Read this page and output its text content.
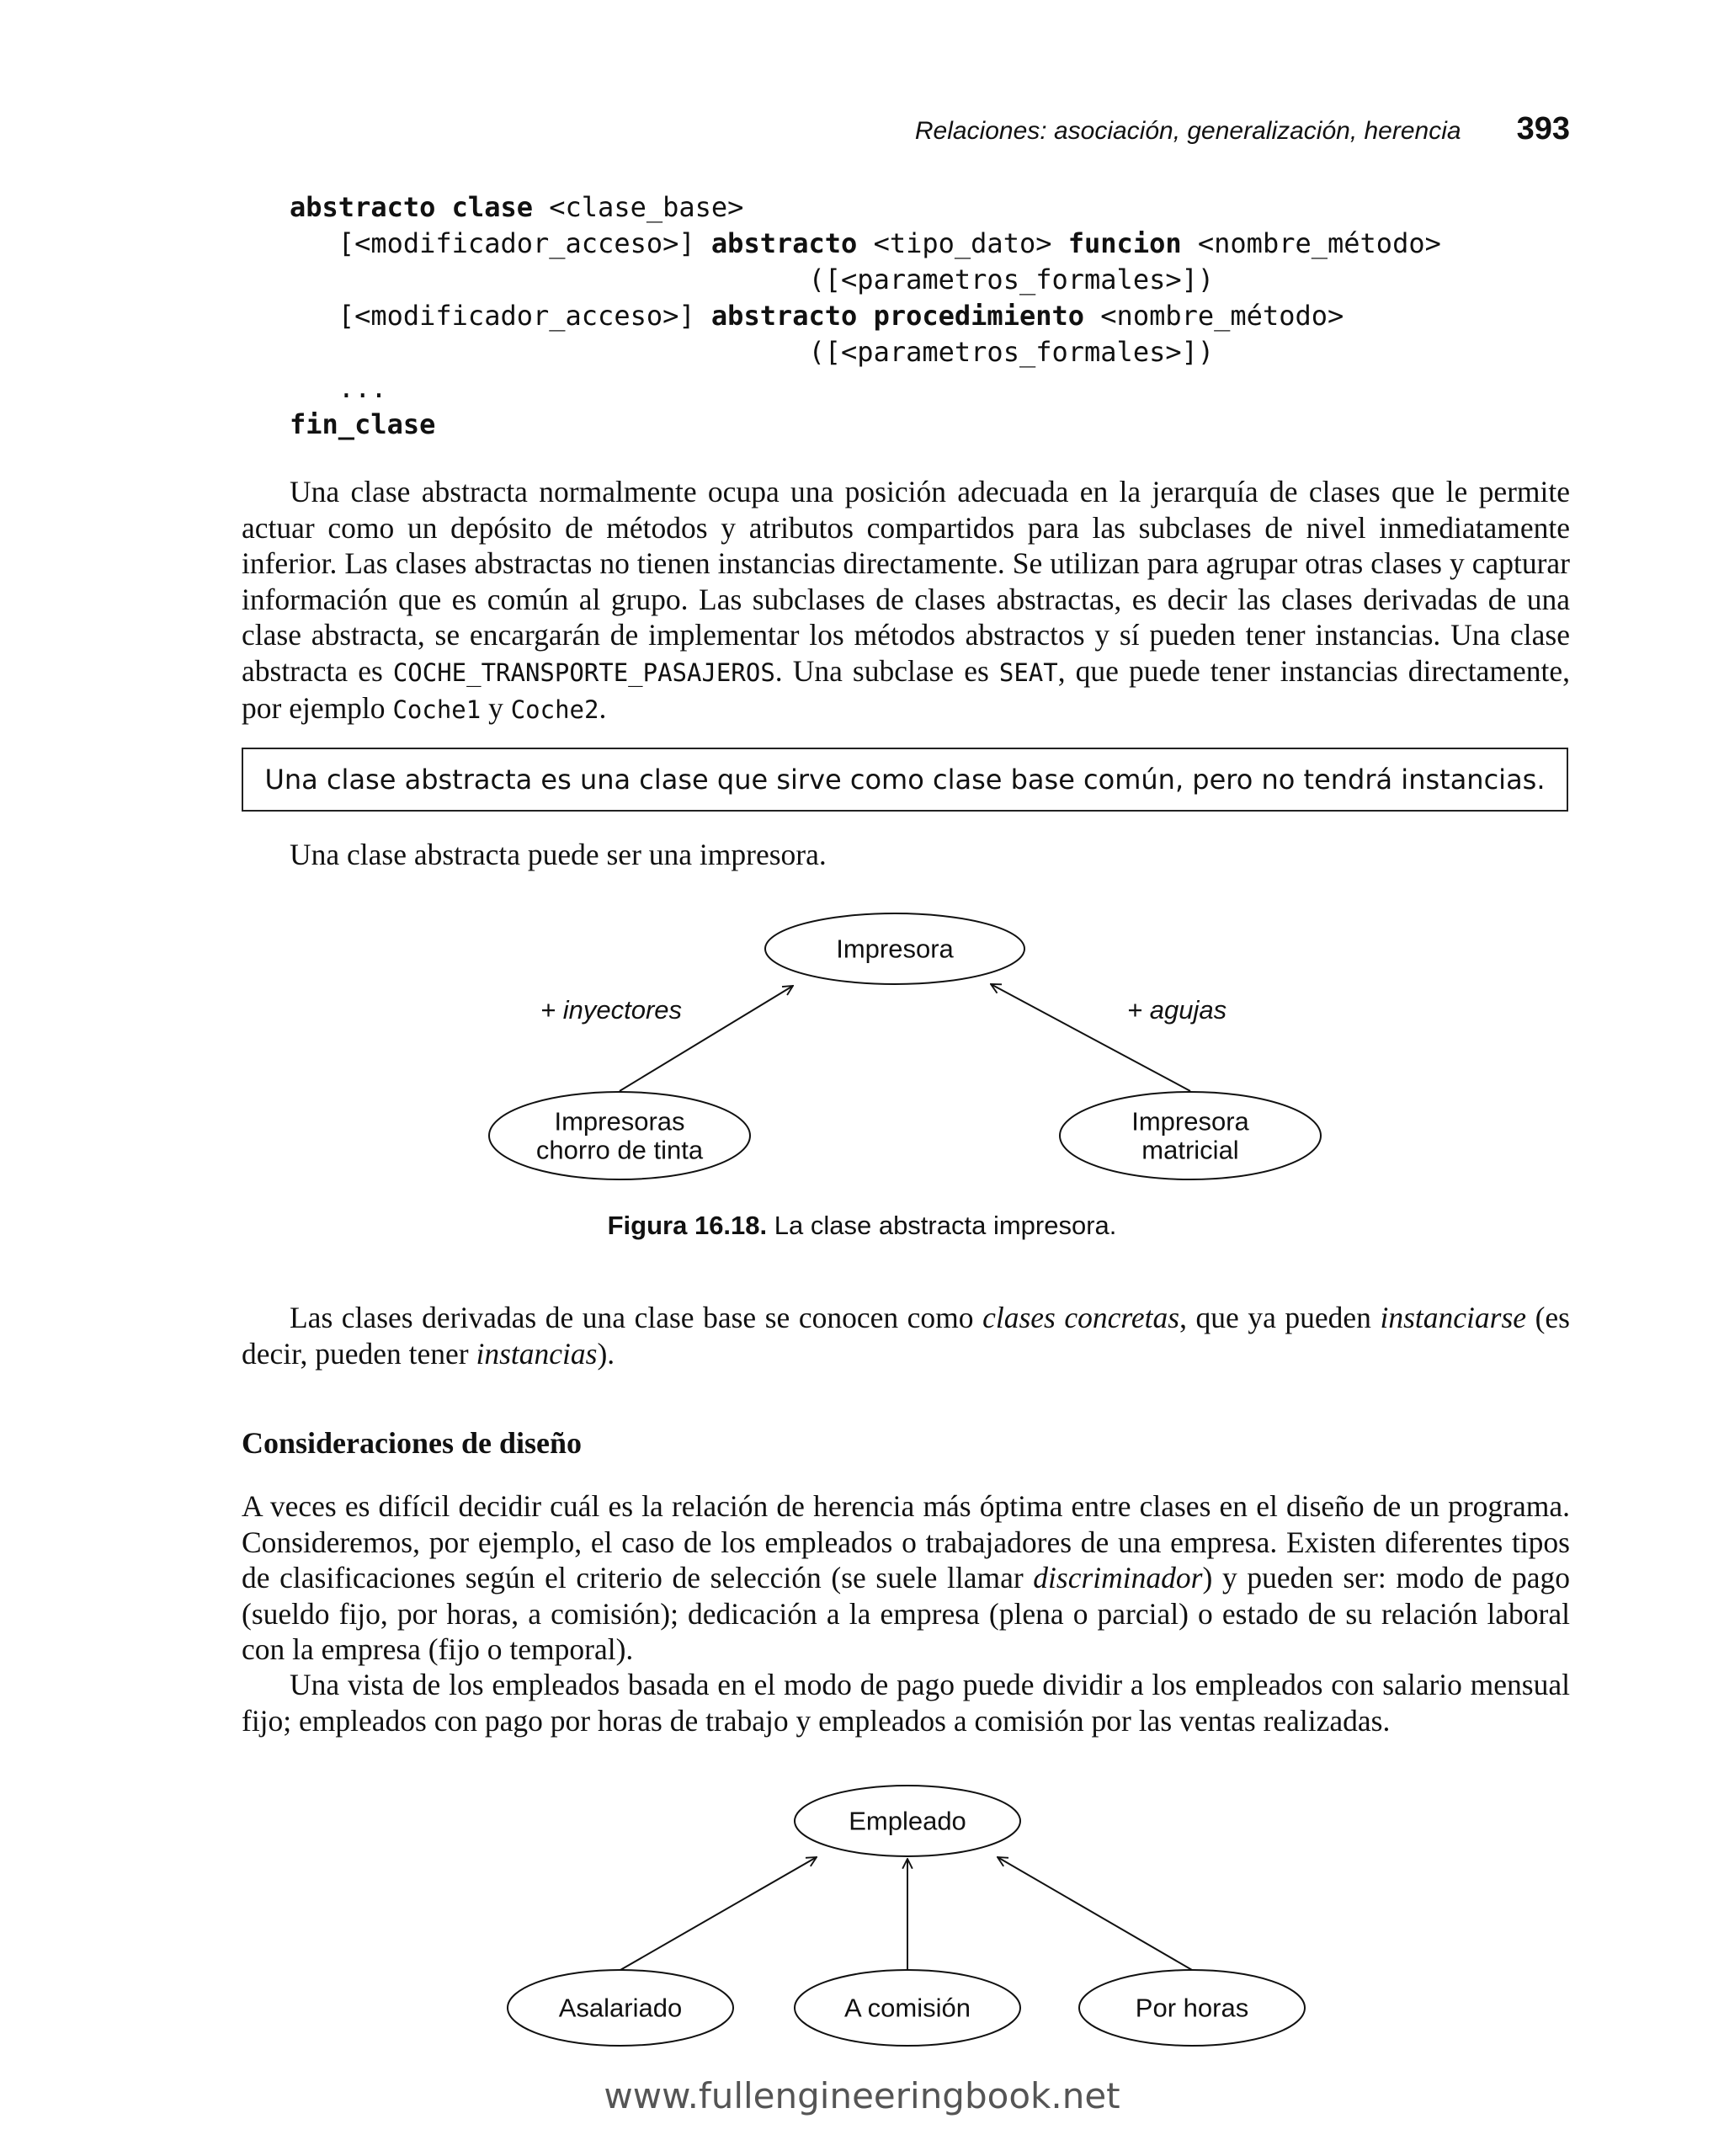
Relaciones: asociación, generalización, herencia 393
abstracto clase <clase_base>
[<modificador_acceso>] abstracto <tipo_dato> funcion <nombre_método>
([<parametros_formales>])
[<modificador_acceso>] abstracto procedimiento <nombre_método>
([<parametros_formales>])
...
fin_clase

Una clase abstracta normalmente ocupa una posición adecuada en la jerarquía de clases que le permite actuar como un depósito de métodos y atributos compartidos para las subclases de nivel inmediatamente inferior. Las clases abstractas no tienen instancias directamente. Se utilizan para agrupar otras clases y capturar información que es común al grupo. Las subclases de clases abstractas, es decir las clases derivadas de una clase abstracta, se encargarán de implementar los métodos abstractos y sí pueden tener instancias. Una clase abstracta es COCHE_TRANSPORTE_PASAJEROS. Una subclase es SEAT, que puede tener instancias directamente, por ejemplo Coche1 y Coche2.

Una clase abstracta es una clase que sirve como clase base común, pero no tendrá instancias.

Una clase abstracta puede ser una impresora.

Impresora
Impresoras
chorro de tinta
Impresora
matricial
+ inyectores	+ agujas
Figura 16.18. La clase abstracta impresora.

Las clases derivadas de una clase base se conocen como clases concretas, que ya pueden instanciarse (es decir, pueden tener instancias).

Consideraciones de diseño

A veces es difícil decidir cuál es la relación de herencia más óptima entre clases en el diseño de un programa. Consideremos, por ejemplo, el caso de los empleados o trabajadores de una empresa. Existen diferentes tipos de clasificaciones según el criterio de selección (se suele llamar discriminador) y pueden ser: modo de pago (sueldo fijo, por horas, a comisión); dedicación a la empresa (plena o parcial) o estado de su relación laboral con la empresa (fijo o temporal).

Una vista de los empleados basada en el modo de pago puede dividir a los empleados con salario mensual fijo; empleados con pago por horas de trabajo y empleados a comisión por las ventas realizadas.

Empleado
Asalariado	A comisión	Por horas
www.fullengineeringbook.net
